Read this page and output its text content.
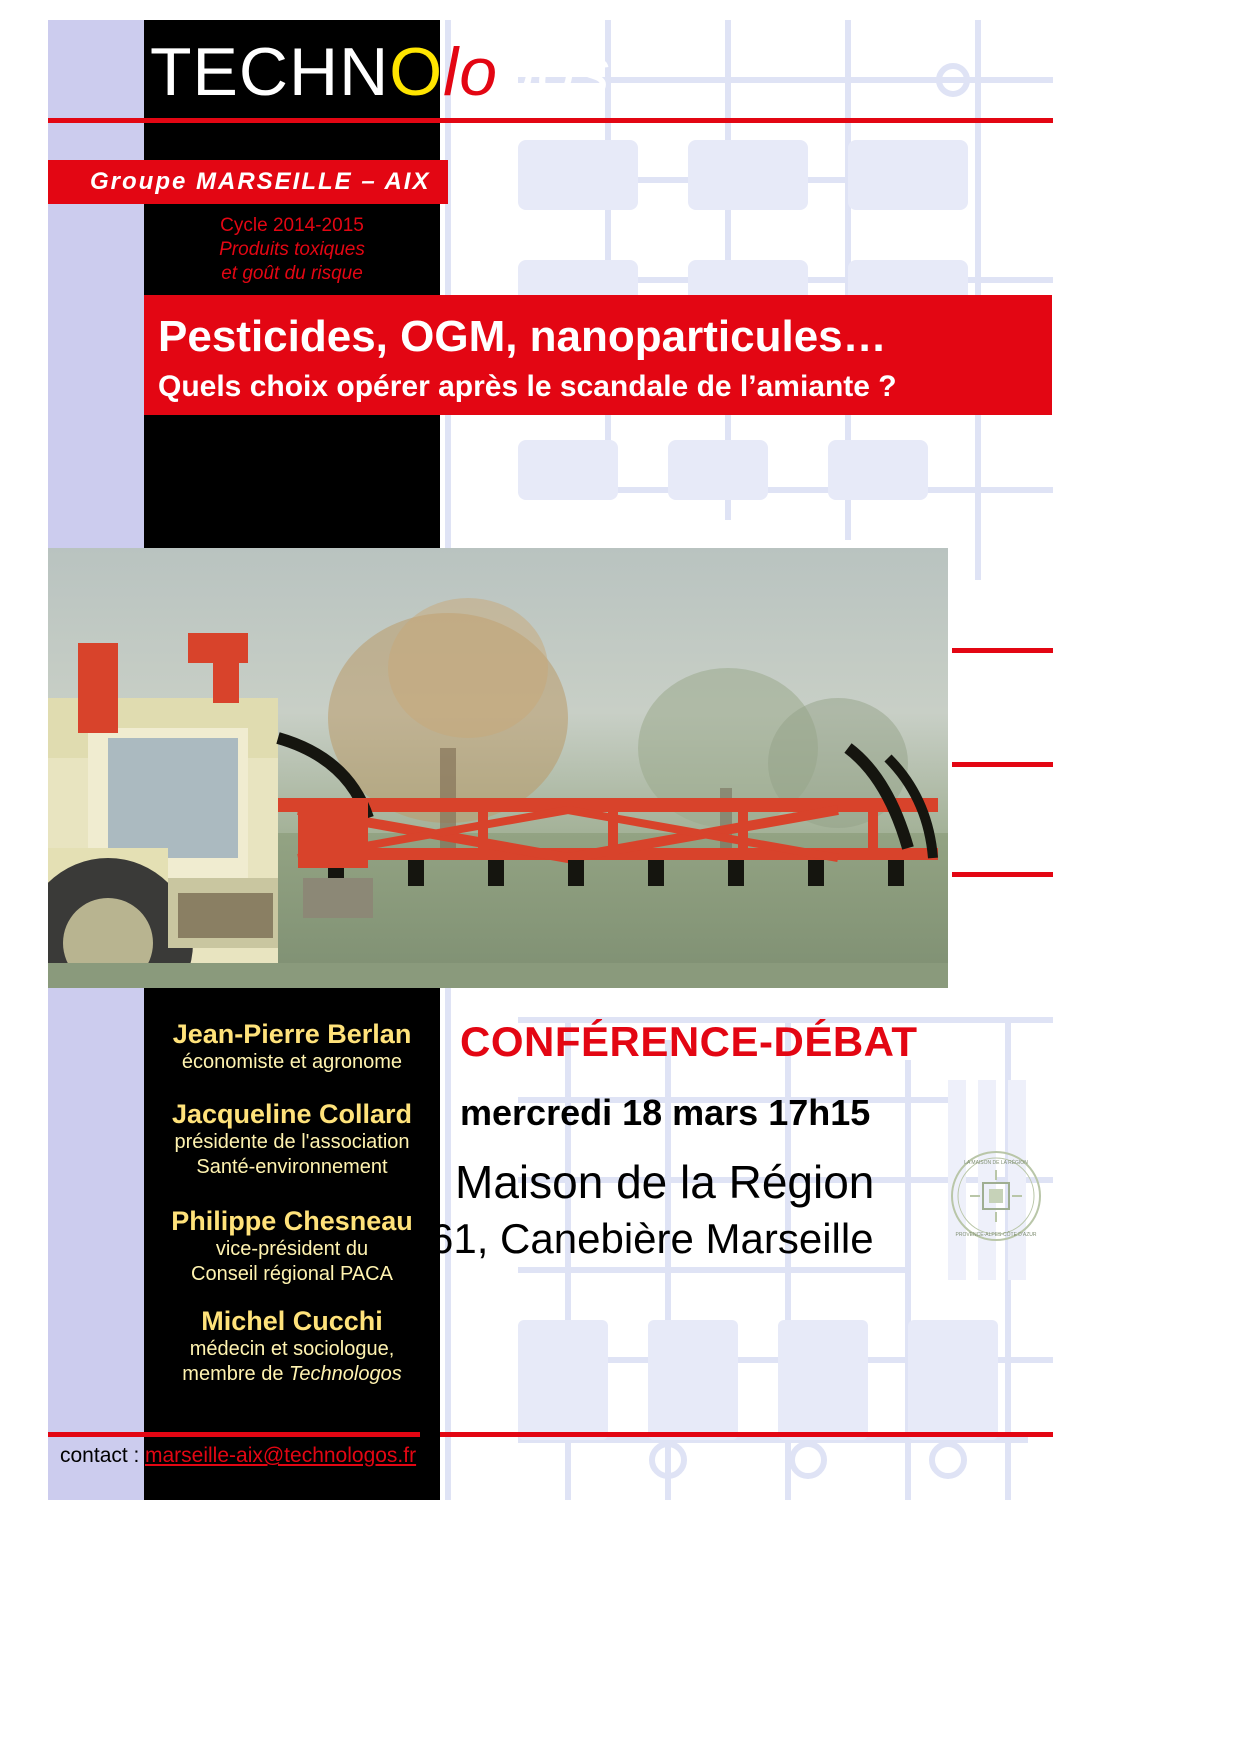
TECHNOlogos
Groupe MARSEILLE – AIX
Cycle 2014-2015
Produits toxiques
et goût du risque
Pesticides, OGM, nanoparticules…
Quels choix opérer après le scandale de l’amiante ?
Jean-Pierre Berlan
économiste et agronome
Jacqueline Collard
présidente de l'association
Santé-environnement
Philippe Chesneau
vice-président du
Conseil régional PACA
Michel Cucchi
médecin et sociologue,
membre de Technologos
CONFÉRENCE-DÉBAT
mercredi 18 mars 17h15
Maison de la Région
61, Canebière Marseille
LA MAISON DE LA RÉGION
PROVENCE-ALPES-CÔTE D'AZUR
contact : marseille-aix@technologos.fr
